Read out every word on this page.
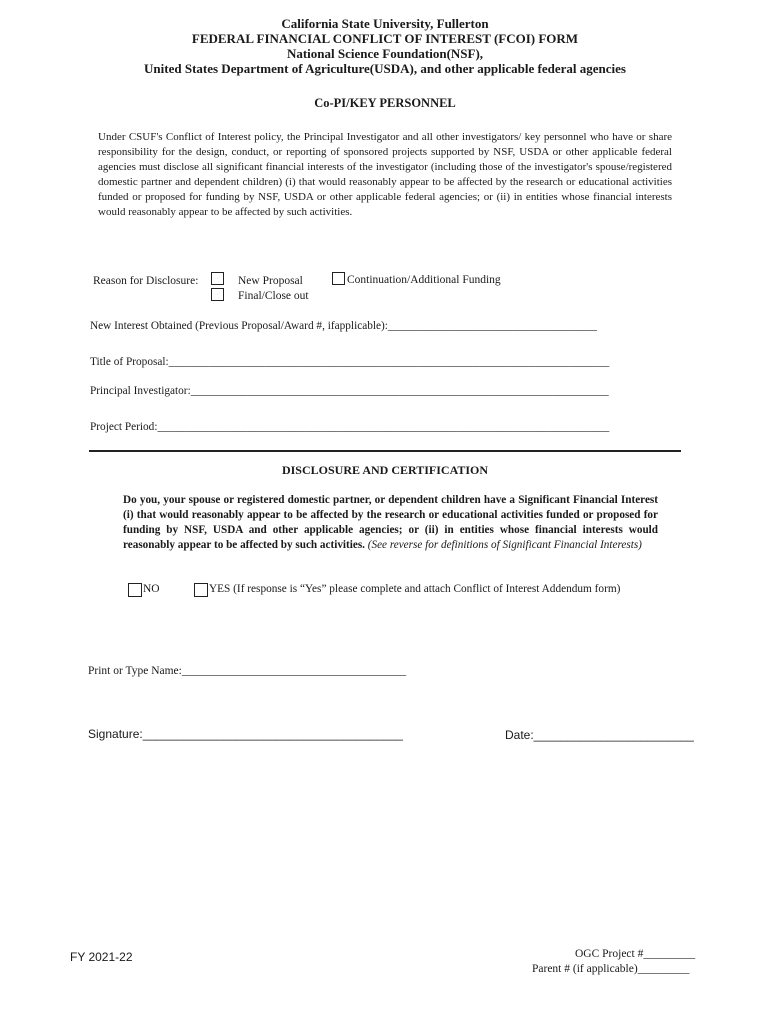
California State University, Fullerton
FEDERAL FINANCIAL CONFLICT OF INTEREST (FCOI) FORM
National Science Foundation(NSF),
United States Department of Agriculture(USDA), and other applicable federal agencies
Co-PI/KEY PERSONNEL
Under CSUF's Conflict of Interest policy, the Principal Investigator and all other investigators/ key personnel who have or share responsibility for the design, conduct, or reporting of sponsored projects supported by NSF, USDA or other applicable federal agencies must disclose all significant financial interests of the investigator (including those of the investigator's spouse/registered domestic partner and dependent children) (i) that would reasonably appear to be affected by the research or educational activities funded or proposed for funding by NSF, USDA or other applicable federal agencies; or (ii) in entities whose financial interests would reasonably appear to be affected by such activities.
Reason for Disclosure:	New Proposal
Final/Close out
Continuation/Additional Funding
New Interest Obtained (Previous Proposal/Award #, ifapplicable):_____________________________________
Title of Proposal:______________________________________________________________________________
Principal Investigator:__________________________________________________________________________
Project Period:________________________________________________________________________________
DISCLOSURE AND CERTIFICATION
Do you, your spouse or registered domestic partner, or dependent children have a Significant Financial Interest (i) that would reasonably appear to be affected by the research or educational activities funded or proposed for funding by NSF, USDA and other applicable agencies; or (ii) in entities whose financial interests would reasonably appear to be affected by such activities. (See reverse for definitions of Significant Financial Interests)
NO	YES (If response is “Yes” please complete and attach Conflict of Interest Addendum form)
Print or Type Name:_______________________________________
Signature:_______________________________________	Date:________________________
FY 2021-22	OGC Project #_________
Parent # (if applicable)_________
